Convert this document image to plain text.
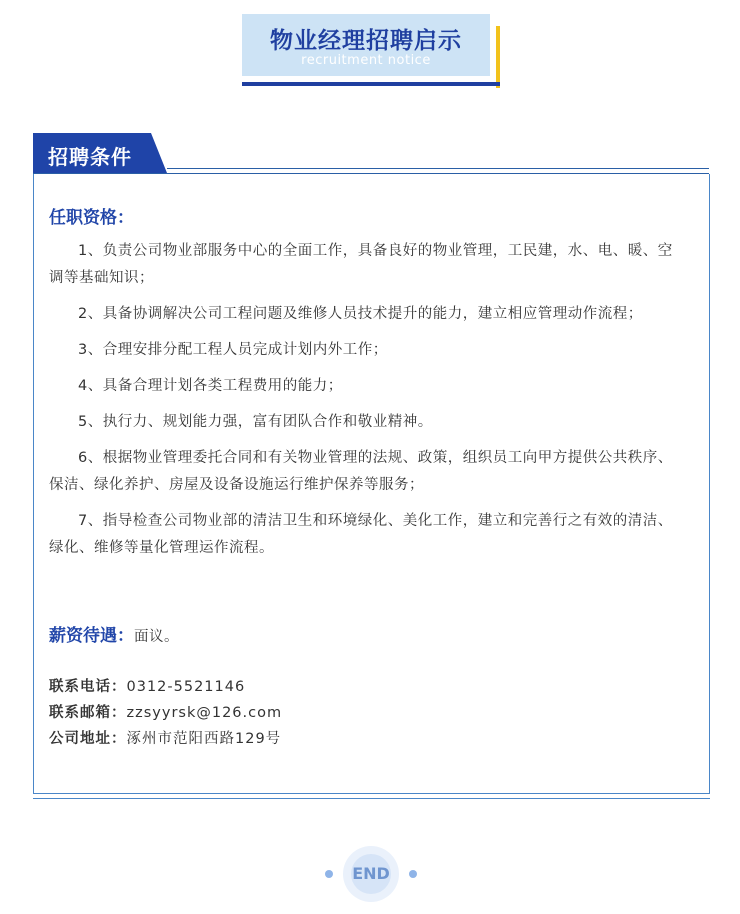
物业经理招聘启示
recruitment notice
招聘条件
任职资格：

1、负责公司物业部服务中心的全面工作，具备良好的物业管理，工民建，水、电、暖、空调等基础知识；

2、具备协调解决公司工程问题及维修人员技术提升的能力，建立相应管理动作流程；

3、合理安排分配工程人员完成计划内外工作；

4、具备合理计划各类工程费用的能力；

5、执行力、规划能力强，富有团队合作和敬业精神。

6、根据物业管理委托合同和有关物业管理的法规、政策，组织员工向甲方提供公共秩序、保洁、绿化养护、房屋及设备设施运行维护保养等服务；

7、指导检查公司物业部的清洁卫生和环境绿化、美化工作，建立和完善行之有效的清洁、绿化、维修等量化管理运作流程。

薪资待遇：面议。
联系电话：0312-5521146
联系邮箱：zzsyyrsk@126.com
公司地址：涿州市范阳西路129号
END
